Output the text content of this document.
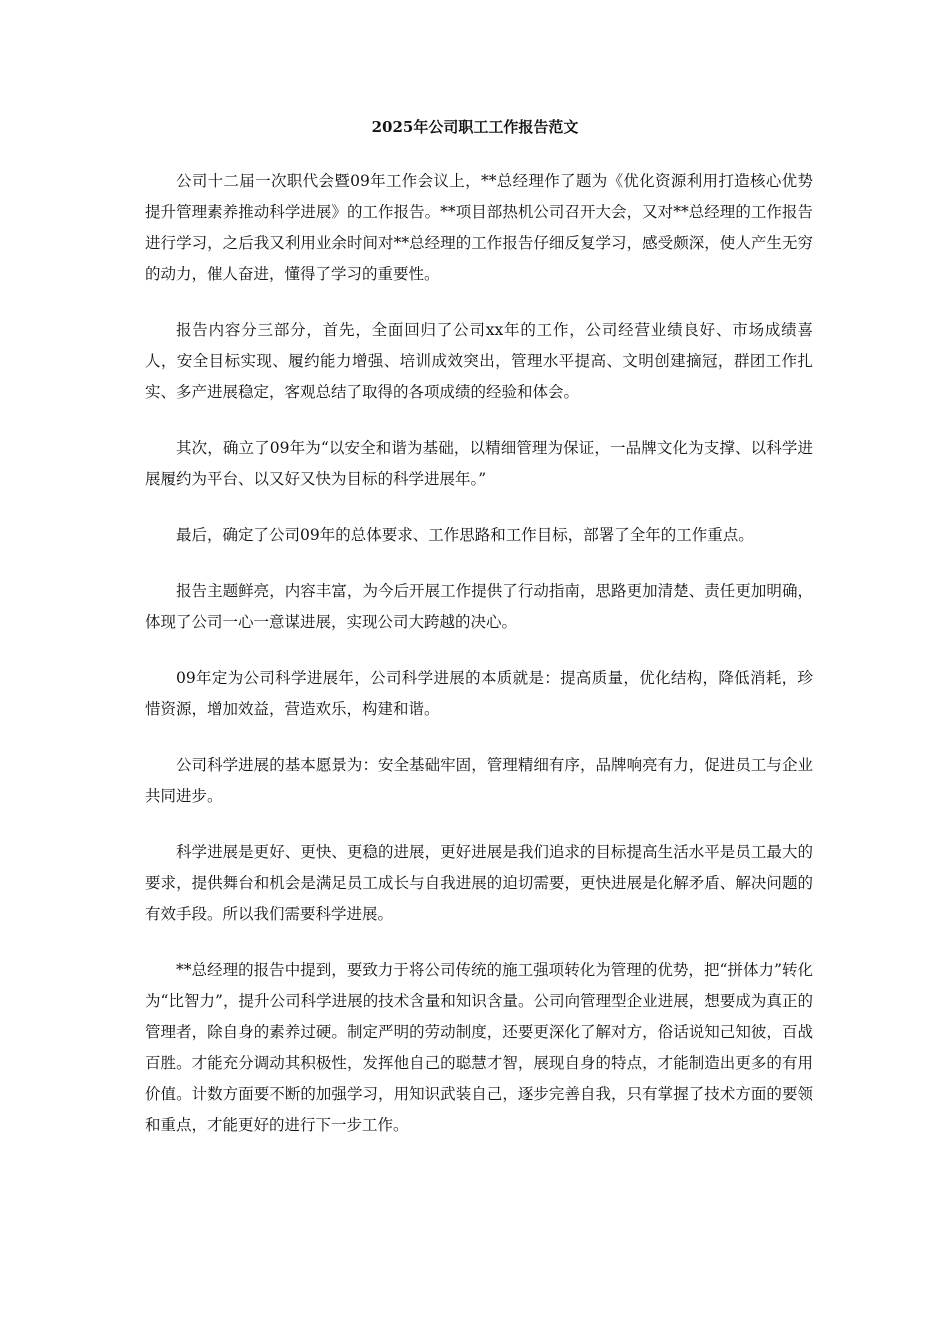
2025年公司职工工作报告范文

公司十二届一次职代会暨09年工作会议上，**总经理作了题为《优化资源利用打造核心优势提升管理素养推动科学进展》的工作报告。**项目部热机公司召开大会，又对**总经理的工作报告进行学习，之后我又利用业余时间对**总经理的工作报告仔细反复学习，感受颇深，使人产生无穷的动力，催人奋进，懂得了学习的重要性。

报告内容分三部分，首先，全面回归了公司xx年的工作，公司经营业绩良好、市场成绩喜人，安全目标实现、履约能力增强、培训成效突出，管理水平提高、文明创建摘冠，群团工作扎实、多产进展稳定，客观总结了取得的各项成绩的经验和体会。

其次，确立了09年为“以安全和谐为基础，以精细管理为保证，一品牌文化为支撑、以科学进展履约为平台、以又好又快为目标的科学进展年。”

最后，确定了公司09年的总体要求、工作思路和工作目标，部署了全年的工作重点。

报告主题鲜亮，内容丰富，为今后开展工作提供了行动指南，思路更加清楚、责任更加明确，体现了公司一心一意谋进展，实现公司大跨越的决心。

09年定为公司科学进展年，公司科学进展的本质就是：提高质量，优化结构，降低消耗，珍惜资源，增加效益，营造欢乐，构建和谐。

公司科学进展的基本愿景为：安全基础牢固，管理精细有序，品牌响亮有力，促进员工与企业共同进步。

科学进展是更好、更快、更稳的进展，更好进展是我们追求的目标提高生活水平是员工最大的要求，提供舞台和机会是满足员工成长与自我进展的迫切需要，更快进展是化解矛盾、解决问题的有效手段。所以我们需要科学进展。

**总经理的报告中提到，要致力于将公司传统的施工强项转化为管理的优势，把“拼体力”转化为“比智力”，提升公司科学进展的技术含量和知识含量。公司向管理型企业进展，想要成为真正的管理者，除自身的素养过硬。制定严明的劳动制度，还要更深化了解对方，俗话说知己知彼，百战百胜。才能充分调动其积极性，发挥他自己的聪慧才智，展现自身的特点，才能制造出更多的有用价值。计数方面要不断的加强学习，用知识武装自己，逐步完善自我，只有掌握了技术方面的要领和重点，才能更好的进行下一步工作。
